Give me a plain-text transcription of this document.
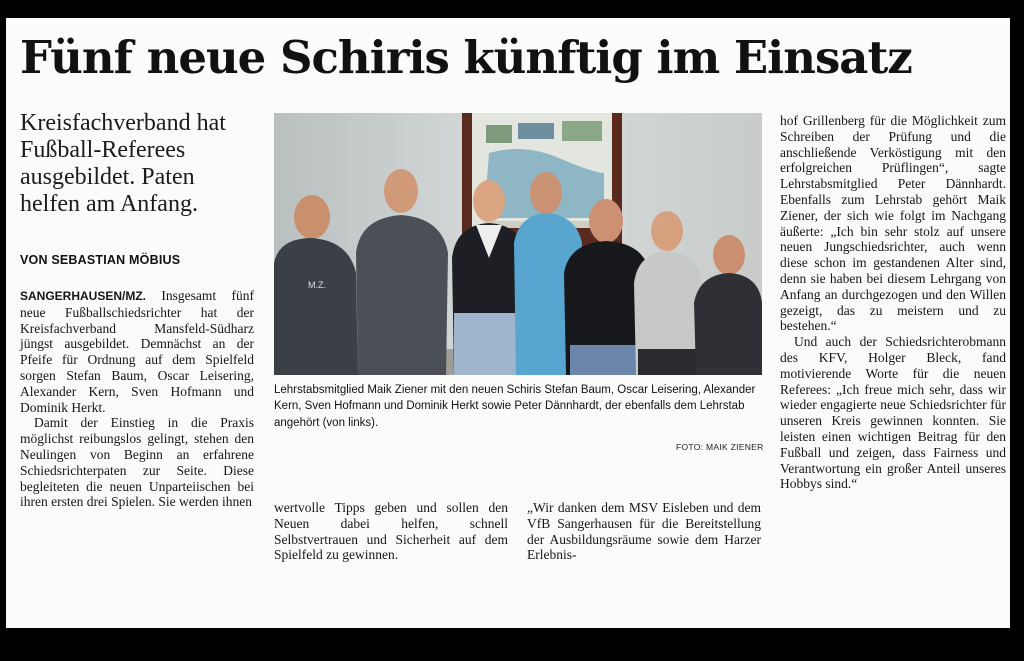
Fünf neue Schiris künftig im Einsatz

Kreisfachverband hat Fußball-Referees ausgebildet. Paten helfen am Anfang.

VON SEBASTIAN MÖBIUS

SANGERHAUSEN/MZ. Insgesamt fünf neue Fußballschiedsrichter hat der Kreisfachverband Mansfeld-Südharz jüngst ausgebildet. Demnächst an der Pfeife für Ordnung auf dem Spielfeld sorgen Stefan Baum, Oscar Leisering, Alexander Kern, Sven Hofmann und Dominik Herkt.

Damit der Einstieg in die Praxis möglichst reibungslos gelingt, stehen den Neulingen von Beginn an erfahrene Schiedsrichterpaten zur Seite. Diese begleiteten die neuen Unparteiischen bei ihren ersten drei Spielen. Sie werden ihnen

M.Z.

Lehrstabsmitglied Maik Ziener mit den neuen Schiris Stefan Baum, Oscar Leisering, Alexander Kern, Sven Hofmann und Dominik Herkt sowie Peter Dännhardt, der ebenfalls dem Lehrstab angehört (von links).

FOTO: MAIK ZIENER

wertvolle Tipps geben und sollen den Neuen dabei helfen, schnell Selbstvertrauen und Sicherheit auf dem Spielfeld zu gewinnen.

„Wir danken dem MSV Eisleben und dem VfB Sangerhausen für die Bereitstellung der Ausbildungsräume sowie dem Harzer Erlebnis-

hof Grillenberg für die Möglichkeit zum Schreiben der Prüfung und die anschließende Verköstigung mit den erfolgreichen Prüflingen“, sagte Lehrstabsmitglied Peter Dännhardt. Ebenfalls zum Lehrstab gehört Maik Ziener, der sich wie folgt im Nachgang äußerte: „Ich bin sehr stolz auf unsere neuen Jungschiedsrichter, auch wenn diese schon im gestandenen Alter sind, denn sie haben bei diesem Lehrgang von Anfang an durchgezogen und den Willen gezeigt, das zu meistern und zu bestehen.“

Und auch der Schiedsrichterobmann des KFV, Holger Bleck, fand motivierende Worte für die neuen Referees: „Ich freue mich sehr, dass wir wieder engagierte neue Schiedsrichter für unseren Kreis gewinnen konnten. Sie leisten einen wichtigen Beitrag für den Fußball und zeigen, dass Fairness und Verantwortung ein großer Anteil unseres Hobbys sind.“
